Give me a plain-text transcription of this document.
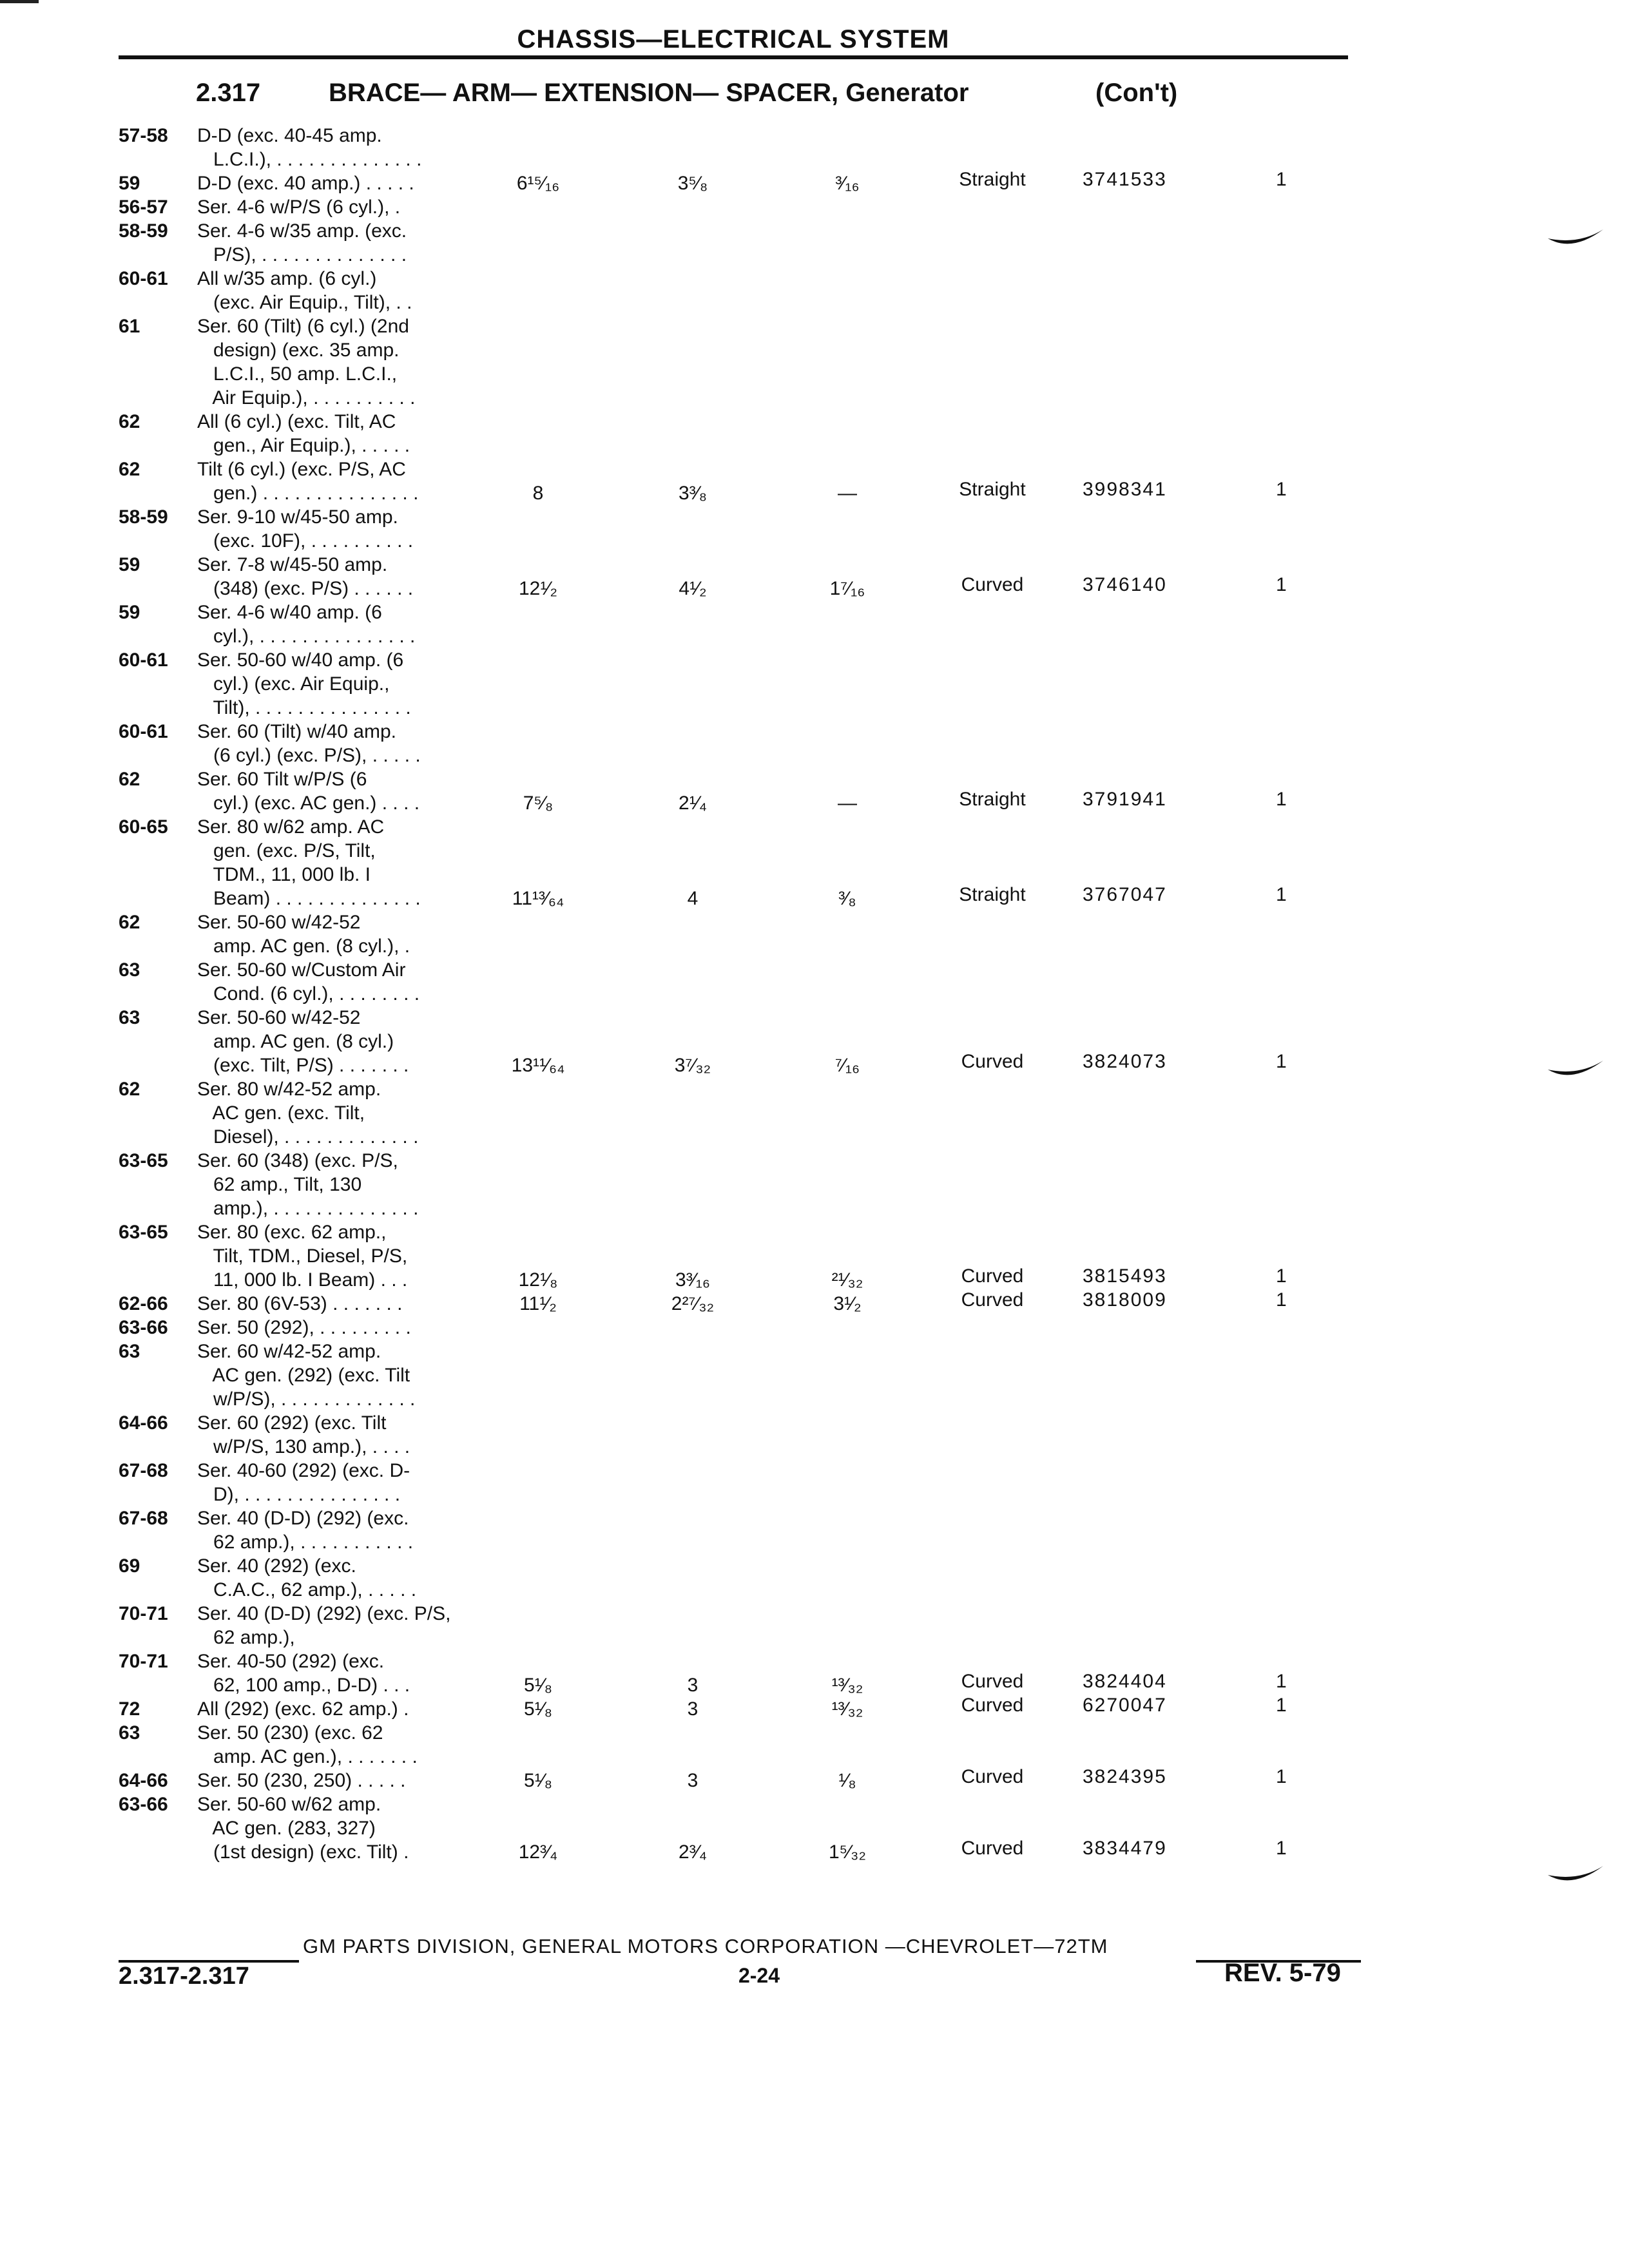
CHASSIS—ELECTRICAL SYSTEM
2.317	BRACE— ARM— EXTENSION— SPACER, Generator	(Con't)
57-58	D-D (exc. 40-45 amp.
L.C.I.), . . . . . . . . . . . . . .
59	D-D (exc. 40 amp.) . . . . .	6¹⁵⁄₁₆	3⁵⁄₈	³⁄₁₆	Straight	3741533	1
56-57	Ser. 4-6 w/P/S (6 cyl.), .
58-59	Ser. 4-6 w/35 amp. (exc.
P/S), . . . . . . . . . . . . . .
60-61	All w/35 amp. (6 cyl.)
(exc. Air Equip., Tilt), . .
61	Ser. 60 (Tilt) (6 cyl.) (2nd
design) (exc. 35 amp.
L.C.I., 50 amp. L.C.I.,
Air Equip.), . . . . . . . . . .
62	All (6 cyl.) (exc. Tilt, AC
gen., Air Equip.), . . . . .
62	Tilt (6 cyl.) (exc. P/S, AC
gen.) . . . . . . . . . . . . . . .	8	3³⁄₈	—	Straight	3998341	1
58-59	Ser. 9-10 w/45-50 amp.
(exc. 10F), . . . . . . . . . .
59	Ser. 7-8 w/45-50 amp.
(348) (exc. P/S) . . . . . .	12¹⁄₂	4¹⁄₂	1⁷⁄₁₆	Curved	3746140	1
59	Ser. 4-6 w/40 amp. (6
cyl.), . . . . . . . . . . . . . . .
60-61	Ser. 50-60 w/40 amp. (6
cyl.) (exc. Air Equip.,
Tilt), . . . . . . . . . . . . . . .
60-61	Ser. 60 (Tilt) w/40 amp.
(6 cyl.) (exc. P/S), . . . . .
62	Ser. 60 Tilt w/P/S (6
cyl.) (exc. AC gen.) . . . .	7⁵⁄₈	2¹⁄₄	—	Straight	3791941	1
60-65	Ser. 80 w/62 amp. AC
gen. (exc. P/S, Tilt,
TDM., 11, 000 lb. I
Beam) . . . . . . . . . . . . . .	11¹³⁄₆₄	4	³⁄₈	Straight	3767047	1
62	Ser. 50-60 w/42-52
amp. AC gen. (8 cyl.), .
63	Ser. 50-60 w/Custom Air
Cond. (6 cyl.), . . . . . . . .
63	Ser. 50-60 w/42-52
amp. AC gen. (8 cyl.)
(exc. Tilt, P/S) . . . . . . .	13¹¹⁄₆₄	3⁷⁄₃₂	⁷⁄₁₆	Curved	3824073	1
62	Ser. 80 w/42-52 amp.
AC gen. (exc. Tilt,
Diesel), . . . . . . . . . . . . .
63-65	Ser. 60 (348) (exc. P/S,
62 amp., Tilt, 130
amp.), . . . . . . . . . . . . . .
63-65	Ser. 80 (exc. 62 amp.,
Tilt, TDM., Diesel, P/S,
11, 000 lb. I Beam) . . .	12¹⁄₈	3³⁄₁₆	²¹⁄₃₂	Curved	3815493	1
62-66	Ser. 80 (6V-53) . . . . . . .	11¹⁄₂	2²⁷⁄₃₂	3¹⁄₂	Curved	3818009	1
63-66	Ser. 50 (292), . . . . . . . . .
63	Ser. 60 w/42-52 amp.
AC gen. (292) (exc. Tilt
w/P/S), . . . . . . . . . . . . .
64-66	Ser. 60 (292) (exc. Tilt
w/P/S, 130 amp.), . . . .
67-68	Ser. 40-60 (292) (exc. D-
D), . . . . . . . . . . . . . . .
67-68	Ser. 40 (D-D) (292) (exc.
62 amp.), . . . . . . . . . . .
69	Ser. 40 (292) (exc.
C.A.C., 62 amp.), . . . . .
70-71	Ser. 40 (D-D) (292) (exc. P/S,
62 amp.),
70-71	Ser. 40-50 (292) (exc.
62, 100 amp., D-D) . . .	5¹⁄₈	3	¹³⁄₃₂	Curved	3824404	1
72	All (292) (exc. 62 amp.) .	5¹⁄₈	3	¹³⁄₃₂	Curved	6270047	1
63	Ser. 50 (230) (exc. 62
amp. AC gen.), . . . . . . .
64-66	Ser. 50 (230, 250) . . . . .	5¹⁄₈	3	¹⁄₈	Curved	3824395	1
63-66	Ser. 50-60 w/62 amp.
AC gen. (283, 327)
(1st design) (exc. Tilt) .	12³⁄₄	2³⁄₄	1⁵⁄₃₂	Curved	3834479	1
GM PARTS DIVISION, GENERAL MOTORS CORPORATION —CHEVROLET—72TM
2.317-2.317	2-24	REV. 5-79
